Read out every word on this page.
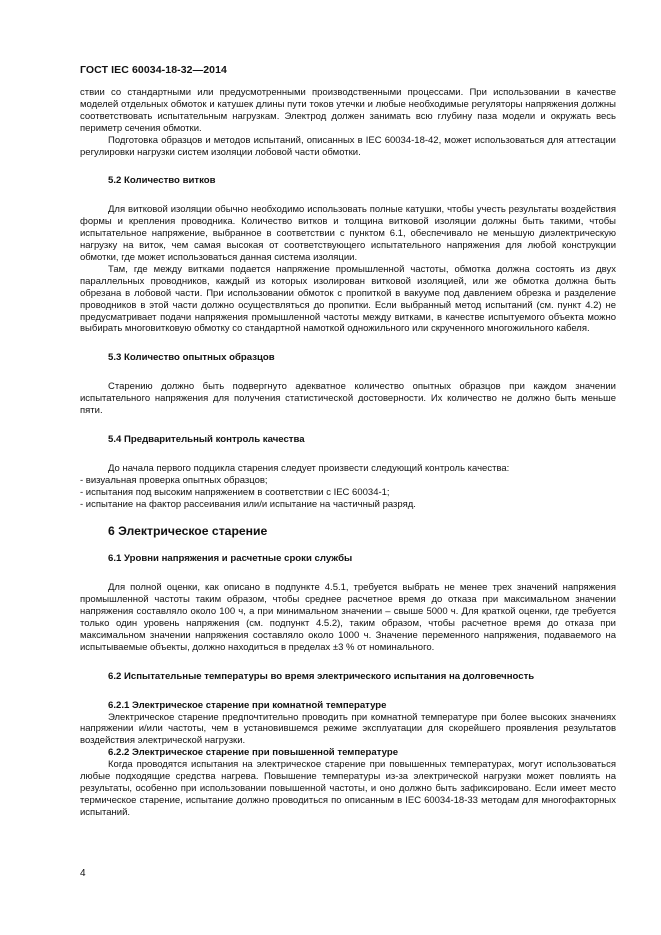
ГОСТ IEC 60034-18-32—2014

ствии со стандартными или предусмотренными производственными процессами. При использовании в качестве моделей отдельных обмоток и катушек длины пути токов утечки и любые необходимые регуляторы напряжения должны соответствовать испытательным нагрузкам. Электрод должен занимать всю глубину паза модели и окружать весь периметр сечения обмотки.

Подготовка образцов и методов испытаний, описанных в IEC 60034-18-42, может использоваться для аттестации регулировки нагрузки систем изоляции лобовой части обмотки.

5.2 Количество витков

Для витковой изоляции обычно необходимо использовать полные катушки, чтобы учесть результаты воздействия формы и крепления проводника. Количество витков и толщина витковой изоляции должны быть такими, чтобы испытательное напряжение, выбранное в соответствии с пунктом 6.1, обеспечивало не меньшую диэлектрическую нагрузку на виток, чем самая высокая от соответствующего испытательного напряжения для любой конструкции обмотки, где может использоваться данная система изоляции.

Там, где между витками подается напряжение промышленной частоты, обмотка должна состоять из двух параллельных проводников, каждый из которых изолирован витковой изоляцией, или же обмотка должна быть обрезана в лобовой части. При использовании обмоток с пропиткой в вакууме под давлением обрезка и разделение проводников в этой части должно осуществляться до пропитки. Если выбранный метод испытаний (см. пункт 4.2) не предусматривает подачи напряжения промышленной частоты между витками, в качестве испытуемого объекта можно выбирать многовитковую обмотку со стандартной намоткой одножильного или скрученного многожильного кабеля.

5.3 Количество опытных образцов

Старению должно быть подвергнуто адекватное количество опытных образцов при каждом значении испытательного напряжения для получения статистической достоверности. Их количество не должно быть меньше пяти.

5.4 Предварительный контроль качества

До начала первого подцикла старения следует произвести следующий контроль качества:

- визуальная проверка опытных образцов;

- испытания под высоким напряжением в соответствии с IEC 60034-1;

- испытание на фактор рассеивания или/и испытание на частичный разряд.

6 Электрическое старение
6.1 Уровни напряжения и расчетные сроки службы

Для полной оценки, как описано в подпункте 4.5.1, требуется выбрать не менее трех значений напряжения промышленной частоты таким образом, чтобы среднее расчетное время до отказа при максимальном значении напряжения составляло около 100 ч, а при минимальном значении – свыше 5000 ч. Для краткой оценки, где требуется только один уровень напряжения (см. подпункт 4.5.2), таким образом, чтобы расчетное время до отказа при максимальном значении напряжения составляло около 1000 ч. Значение переменного напряжения, подаваемого на испытываемые объекты, должно находиться в пределах ±3 % от номинального.

6.2 Испытательные температуры во время электрического испытания на долговечность
6.2.1 Электрическое старение при комнатной температуре

Электрическое старение предпочтительно проводить при комнатной температуре при более высоких значениях напряжении и/или частоты, чем в установившемся режиме эксплуатации для скорейшего проявления результатов воздействия электрической нагрузки.

6.2.2 Электрическое старение при повышенной температуре

Когда проводятся испытания на электрическое старение при повышенных температурах, могут использоваться любые подходящие средства нагрева. Повышение температуры из-за электрической нагрузки может повлиять на результаты, особенно при использовании повышенной частоты, и оно должно быть зафиксировано. Если имеет место термическое старение, испытание должно проводиться по описанным в IEC 60034-18-33 методам для многофакторных испытаний.

4
